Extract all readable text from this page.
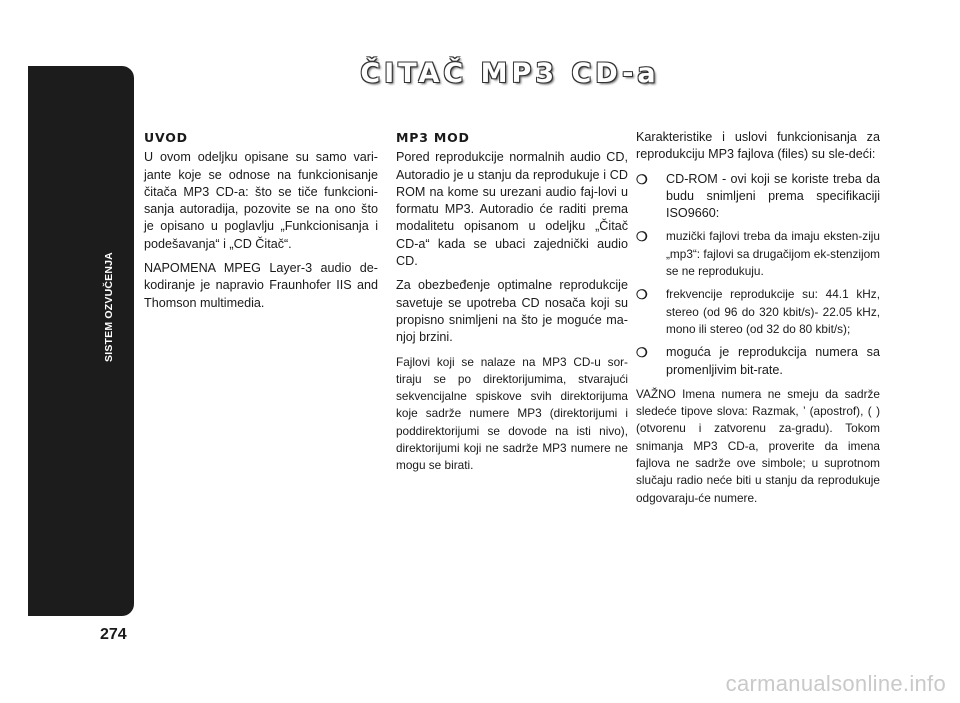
SISTEM OZVUČENJA
274
ČITAČ MP3 CD-a
UVOD

U ovom odeljku opisane su samo vari-jante koje se odnose na funkcionisanje čitača MP3 CD-a: što se tiče funkcioni-sanja autoradija, pozovite se na ono što je opisano u poglavlju „Funkcionisanja i podešavanja“ i „CD Čitač“.

NAPOMENA MPEG Layer-3 audio de-kodiranje je napravio Fraunhofer IIS and Thomson multimedia.

MP3 MOD

Pored reprodukcije normalnih audio CD, Autoradio je u stanju da reprodukuje i CD ROM na kome su urezani audio faj-lovi u formatu MP3. Autoradio će raditi prema modalitetu opisanom u odeljku „Čitač CD-a“ kada se ubaci zajednički audio CD.

Za obezbeđenje optimalne reprodukcije savetuje se upotreba CD nosača koji su propisno snimljeni na što je moguće ma-njoj brzini.

Fajlovi koji se nalaze na MP3 CD-u sor-tiraju se po direktorijumima, stvarajući sekvencijalne spiskove svih direktorijuma koje sadrže numere MP3 (direktorijumi i poddirektorijumi se dovode na isti nivo), direktorijumi koji ne sadrže MP3 numere ne mogu se birati.

Karakteristike i uslovi funkcionisanja za reprodukciju MP3 fajlova (files) su sle-deći:

❍ CD-ROM - ovi koji se koriste treba da budu snimljeni prema specifikaciji ISO9660:
❍ muzički fajlovi treba da imaju eksten-ziju „mp3“: fajlovi sa drugačijom ek-stenzijom se ne reprodukuju.
❍ frekvencije reprodukcije su: 44.1 kHz, stereo (od 96 do 320 kbit/s)- 22.05 kHz, mono ili stereo (od 32 do 80 kbit/s);
❍ moguća je reprodukcija numera sa promenljivim bit-rate.

VAŽNO Imena numera ne smeju da sadrže sledeće tipove slova: Razmak, ’ (apostrof), ( ) (otvorenu i zatvorenu za-gradu). Tokom snimanja MP3 CD-a, proverite da imena fajlova ne sadrže ove simbole; u suprotnom slučaju radio neće biti u stanju da reprodukuje odgovaraju-će numere.

carmanualsonline.info
